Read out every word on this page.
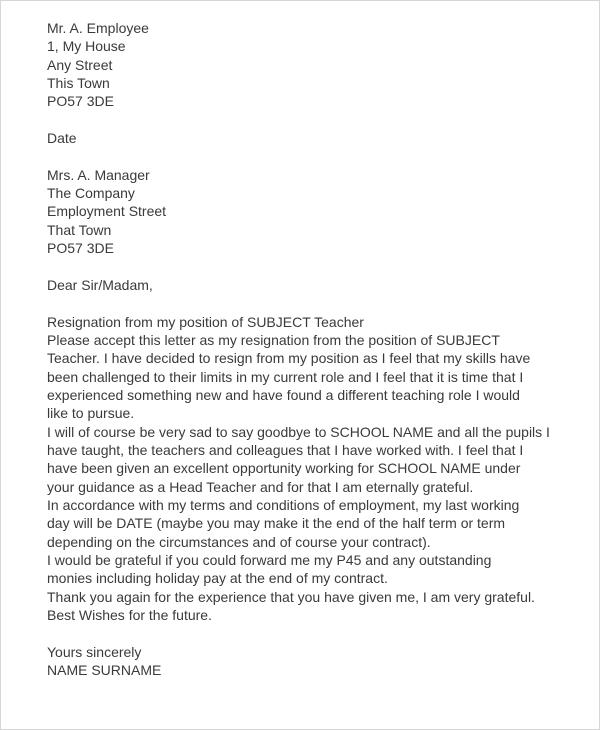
Mr. A. Employee
1, My House
Any Street
This Town
PO57 3DE
Date
Mrs. A. Manager
The Company
Employment Street
That Town
PO57 3DE
Dear Sir/Madam,
Resignation from my position of SUBJECT Teacher
Please accept this letter as my resignation from the position of SUBJECT
Teacher. I have decided to resign from my position as I feel that my skills have
been challenged to their limits in my current role and I feel that it is time that I
experienced something new and have found a different teaching role I would
like to pursue.
I will of course be very sad to say goodbye to SCHOOL NAME and all the pupils I
have taught, the teachers and colleagues that I have worked with. I feel that I
have been given an excellent opportunity working for SCHOOL NAME under
your guidance as a Head Teacher and for that I am eternally grateful.
In accordance with my terms and conditions of employment, my last working
day will be DATE (maybe you may make it the end of the half term or term
depending on the circumstances and of course your contract).
I would be grateful if you could forward me my P45 and any outstanding
monies including holiday pay at the end of my contract.
Thank you again for the experience that you have given me, I am very grateful.
Best Wishes for the future.
Yours sincerely
NAME SURNAME
